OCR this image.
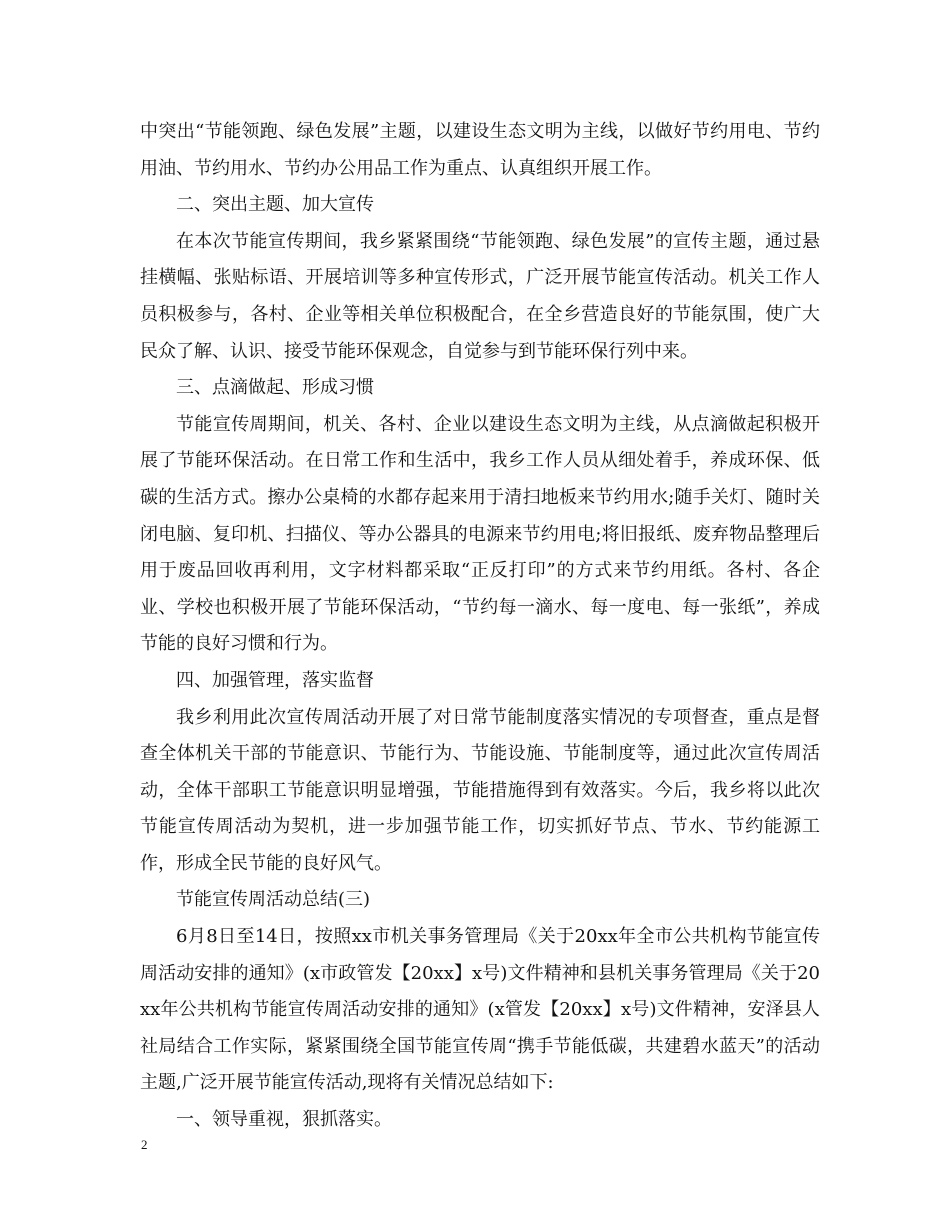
中突出“节能领跑、绿色发展”主题，以建设生态文明为主线，以做好节约用电、节约用油、节约用水、节约办公用品工作为重点、认真组织开展工作。

二、突出主题、加大宣传

在本次节能宣传期间，我乡紧紧围绕“节能领跑、绿色发展”的宣传主题，通过悬挂横幅、张贴标语、开展培训等多种宣传形式，广泛开展节能宣传活动。机关工作人员积极参与，各村、企业等相关单位积极配合，在全乡营造良好的节能氛围，使广大民众了解、认识、接受节能环保观念，自觉参与到节能环保行列中来。

三、点滴做起、形成习惯

节能宣传周期间，机关、各村、企业以建设生态文明为主线，从点滴做起积极开展了节能环保活动。在日常工作和生活中，我乡工作人员从细处着手，养成环保、低碳的生活方式。擦办公桌椅的水都存起来用于清扫地板来节约用水;随手关灯、随时关闭电脑、复印机、扫描仪、等办公器具的电源来节约用电;将旧报纸、废弃物品整理后用于废品回收再利用，文字材料都采取“正反打印”的方式来节约用纸。各村、各企业、学校也积极开展了节能环保活动，“节约每一滴水、每一度电、每一张纸”，养成节能的良好习惯和行为。

四、加强管理，落实监督

我乡利用此次宣传周活动开展了对日常节能制度落实情况的专项督查，重点是督查全体机关干部的节能意识、节能行为、节能设施、节能制度等，通过此次宣传周活动，全体干部职工节能意识明显增强，节能措施得到有效落实。今后，我乡将以此次节能宣传周活动为契机，进一步加强节能工作，切实抓好节点、节水、节约能源工作，形成全民节能的良好风气。

节能宣传周活动总结(三)

6月8日至14日，按照xx市机关事务管理局《关于20xx年全市公共机构节能宣传周活动安排的通知》(x市政管发【20xx】x号)文件精神和县机关事务管理局《关于20xx年公共机构节能宣传周活动安排的通知》(x管发【20xx】x号)文件精神，安泽县人社局结合工作实际，紧紧围绕全国节能宣传周“携手节能低碳，共建碧水蓝天”的活动主题,广泛开展节能宣传活动,现将有关情况总结如下:

一、领导重视，狠抓落实。

2
